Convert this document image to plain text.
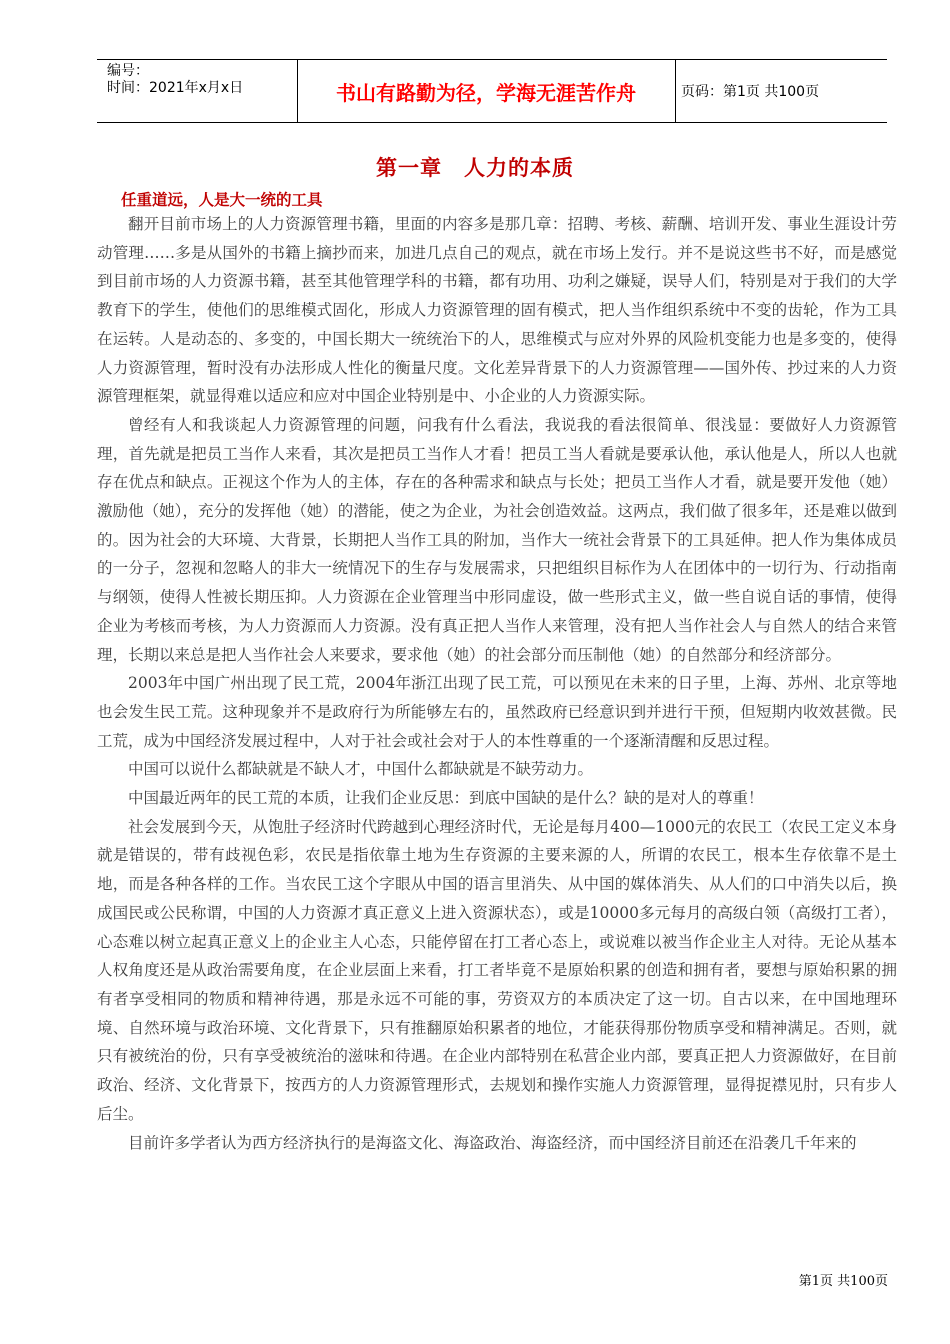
编号：
时间：2021年x月x日	书山有路勤为径，学海无涯苦作舟	页码：第1页 共100页
第一章　人力的本质
任重道远，人是大一统的工具

翻开目前市场上的人力资源管理书籍，里面的内容多是那几章：招聘、考核、薪酬、培训开发、事业生涯设计劳动管理……多是从国外的书籍上摘抄而来，加进几点自己的观点，就在市场上发行。并不是说这些书不好，而是感觉到目前市场的人力资源书籍，甚至其他管理学科的书籍，都有功用、功利之嫌疑，误导人们，特别是对于我们的大学教育下的学生，使他们的思维模式固化，形成人力资源管理的固有模式，把人当作组织系统中不变的齿轮，作为工具在运转。人是动态的、多变的，中国长期大一统统治下的人，思维模式与应对外界的风险机变能力也是多变的，使得人力资源管理，暂时没有办法形成人性化的衡量尺度。文化差异背景下的人力资源管理——国外传、抄过来的人力资源管理框架，就显得难以适应和应对中国企业特别是中、小企业的人力资源实际。

曾经有人和我谈起人力资源管理的问题，问我有什么看法，我说我的看法很简单、很浅显：要做好人力资源管理，首先就是把员工当作人来看，其次是把员工当作人才看！把员工当人看就是要承认他，承认他是人，所以人也就存在优点和缺点。正视这个作为人的主体，存在的各种需求和缺点与长处；把员工当作人才看，就是要开发他（她）激励他（她），充分的发挥他（她）的潜能，使之为企业，为社会创造效益。这两点，我们做了很多年，还是难以做到的。因为社会的大环境、大背景，长期把人当作工具的附加，当作大一统社会背景下的工具延伸。把人作为集体成员的一分子，忽视和忽略人的非大一统情况下的生存与发展需求，只把组织目标作为人在团体中的一切行为、行动指南与纲领，使得人性被长期压抑。人力资源在企业管理当中形同虚设，做一些形式主义，做一些自说自话的事情，使得企业为考核而考核，为人力资源而人力资源。没有真正把人当作人来管理，没有把人当作社会人与自然人的结合来管理，长期以来总是把人当作社会人来要求，要求他（她）的社会部分而压制他（她）的自然部分和经济部分。

2003年中国广州出现了民工荒，2004年浙江出现了民工荒，可以预见在未来的日子里，上海、苏州、北京等地也会发生民工荒。这种现象并不是政府行为所能够左右的，虽然政府已经意识到并进行干预，但短期内收效甚微。民工荒，成为中国经济发展过程中，人对于社会或社会对于人的本性尊重的一个逐渐清醒和反思过程。

中国可以说什么都缺就是不缺人才，中国什么都缺就是不缺劳动力。

中国最近两年的民工荒的本质，让我们企业反思：到底中国缺的是什么？缺的是对人的尊重！

社会发展到今天，从饱肚子经济时代跨越到心理经济时代，无论是每月400—1000元的农民工（农民工定义本身就是错误的，带有歧视色彩，农民是指依靠土地为生存资源的主要来源的人，所谓的农民工，根本生存依靠不是土地，而是各种各样的工作。当农民工这个字眼从中国的语言里消失、从中国的媒体消失、从人们的口中消失以后，换成国民或公民称谓，中国的人力资源才真正意义上进入资源状态），或是10000多元每月的高级白领（高级打工者），心态难以树立起真正意义上的企业主人心态，只能停留在打工者心态上，或说难以被当作企业主人对待。无论从基本人权角度还是从政治需要角度，在企业层面上来看，打工者毕竟不是原始积累的创造和拥有者，要想与原始积累的拥有者享受相同的物质和精神待遇，那是永远不可能的事，劳资双方的本质决定了这一切。自古以来，在中国地理环境、自然环境与政治环境、文化背景下，只有推翻原始积累者的地位，才能获得那份物质享受和精神满足。否则，就只有被统治的份，只有享受被统治的滋味和待遇。在企业内部特别在私营企业内部，要真正把人力资源做好，在目前政治、经济、文化背景下，按西方的人力资源管理形式，去规划和操作实施人力资源管理，显得捉襟见肘，只有步人后尘。

目前许多学者认为西方经济执行的是海盗文化、海盗政治、海盗经济，而中国经济目前还在沿袭几千年来的

第1页 共100页
